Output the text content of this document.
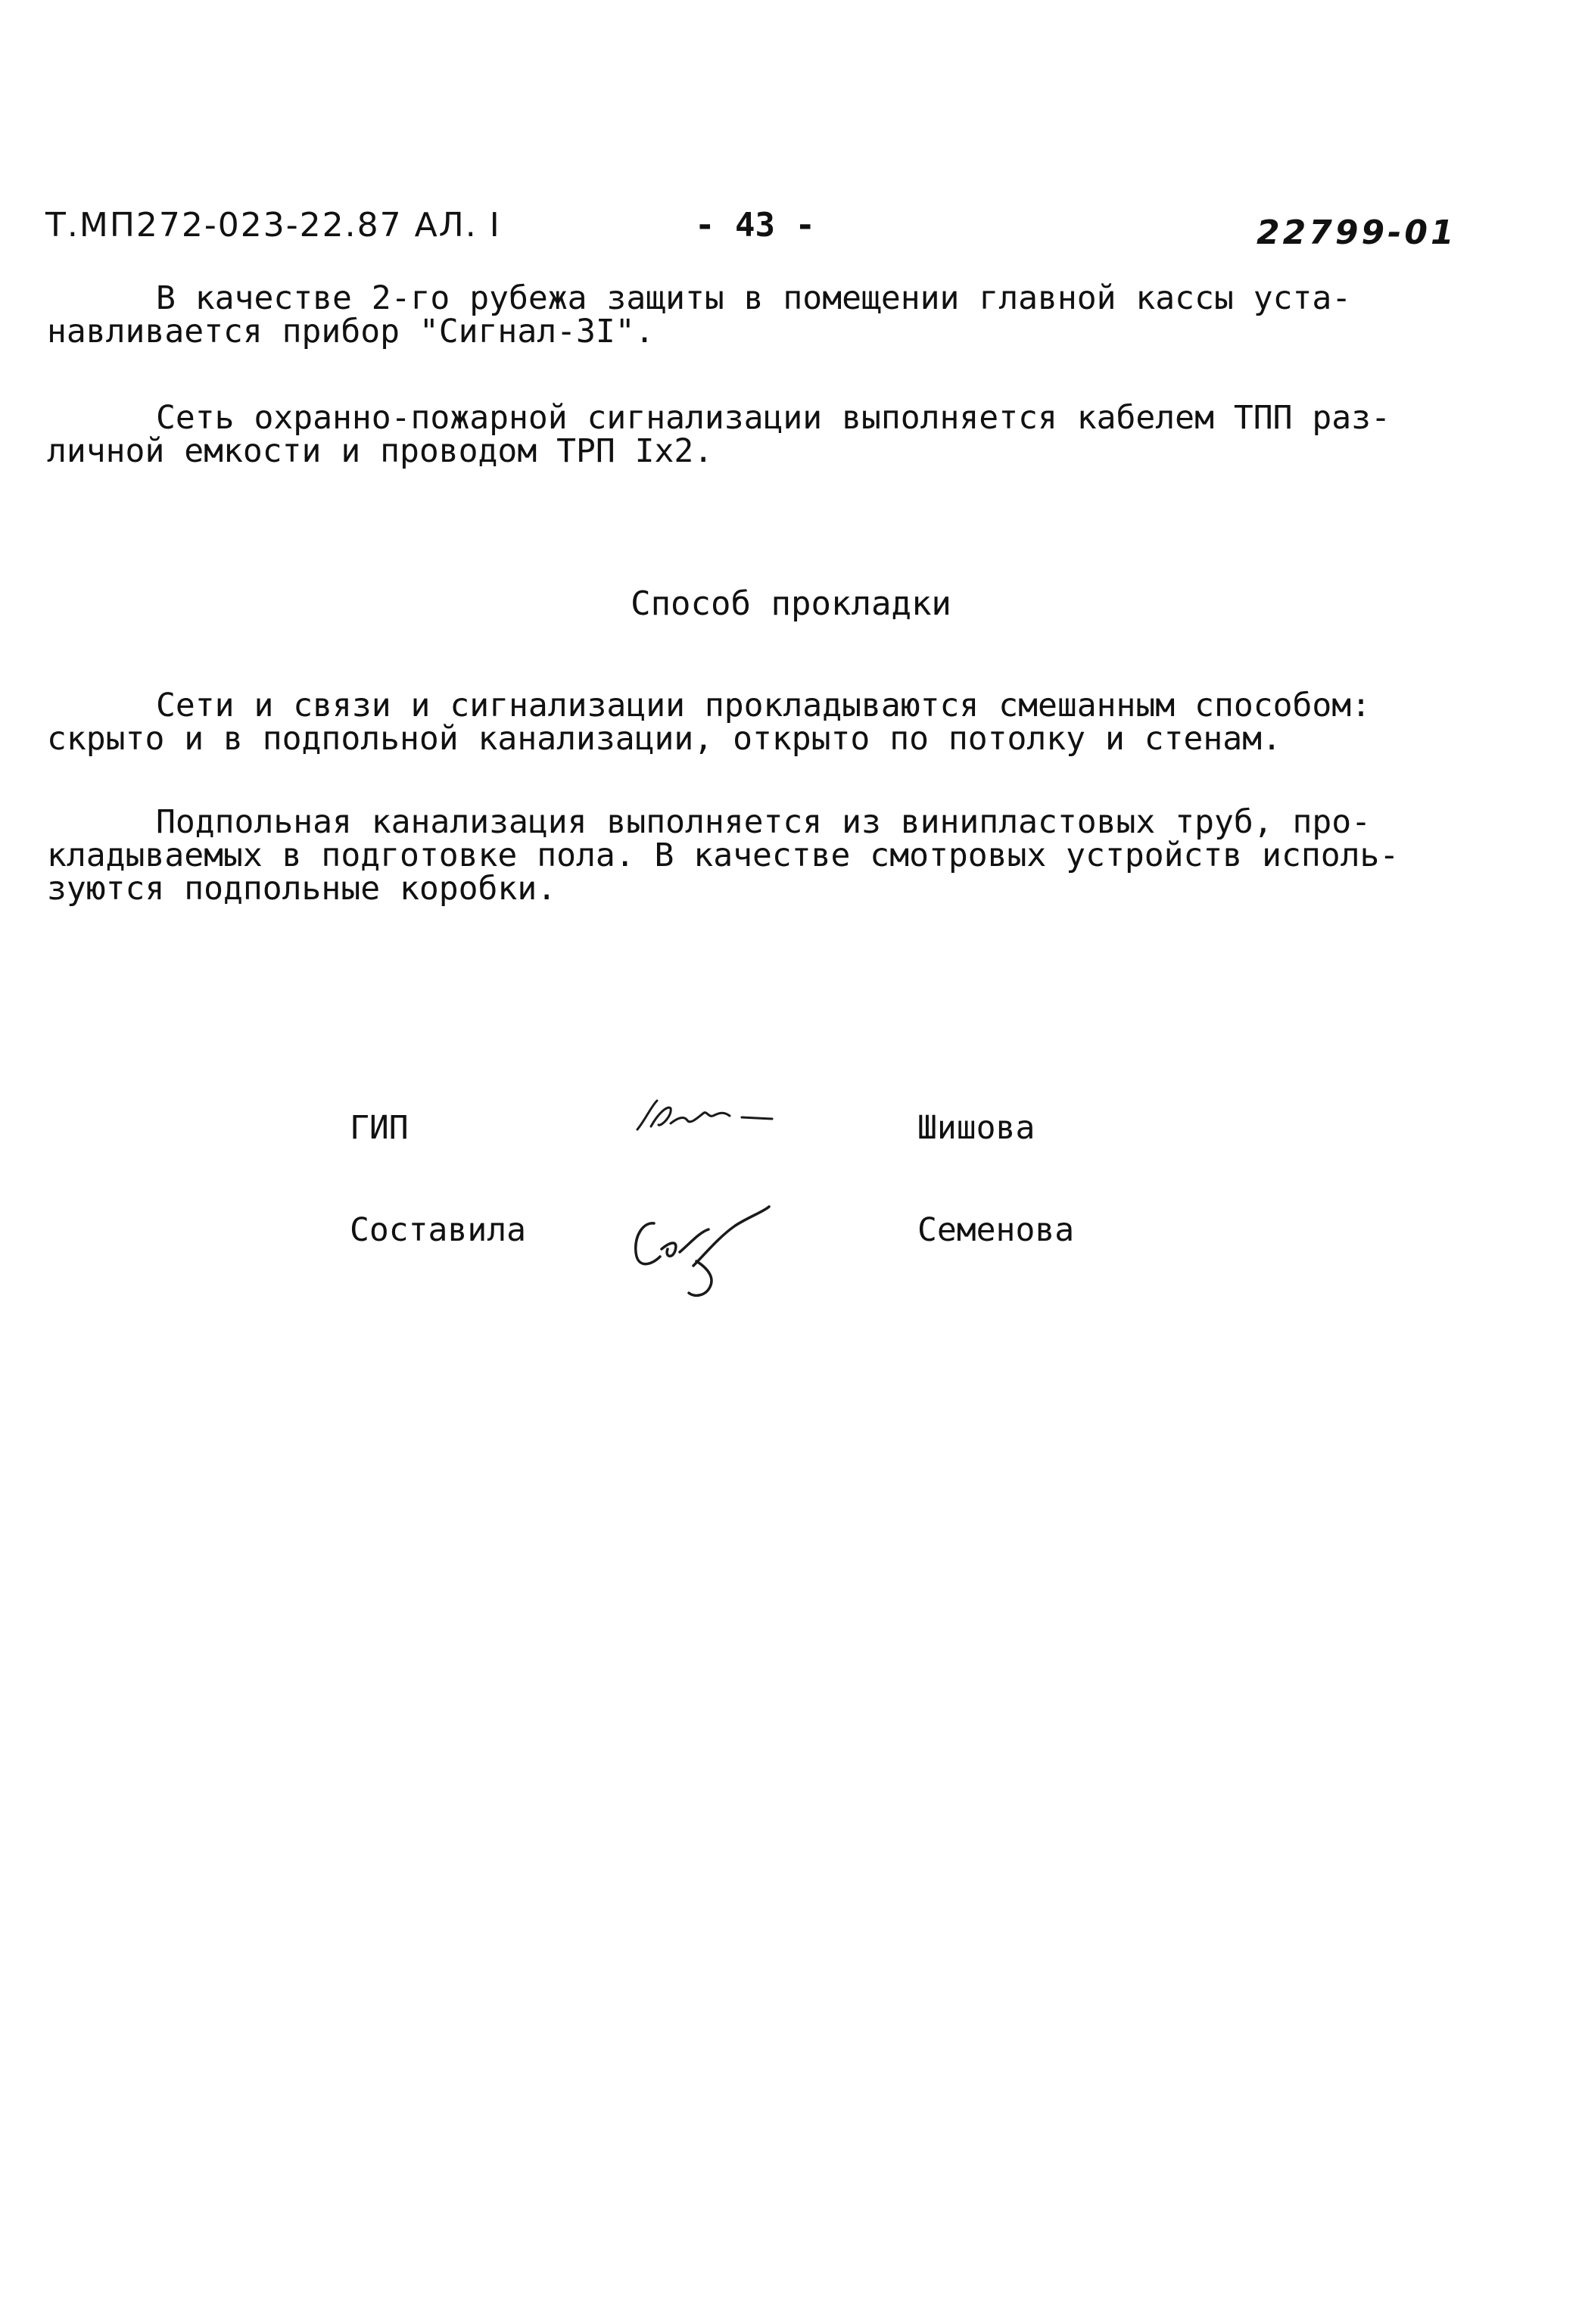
Т.МП272-023-22.87 АЛ. I	- 43 -	22799-01

В качестве 2-го рубежа защиты в помещении главной кассы уста-
навливается прибор "Сигнал-3I".

Сеть охранно-пожарной сигнализации выполняется кабелем ТПП раз-
личной емкости и проводом ТРП Iх2.

Способ прокладки

Сети и связи и сигнализации прокладываются смешанным способом:
скрыто и в подпольной канализации, открыто по потолку и стенам.

Подпольная канализация выполняется из винипластовых труб, про-
кладываемых в подготовке пола. В качестве смотровых устройств исполь-
зуются подпольные коробки.

ГИП	Шишова
Составила	Семенова
